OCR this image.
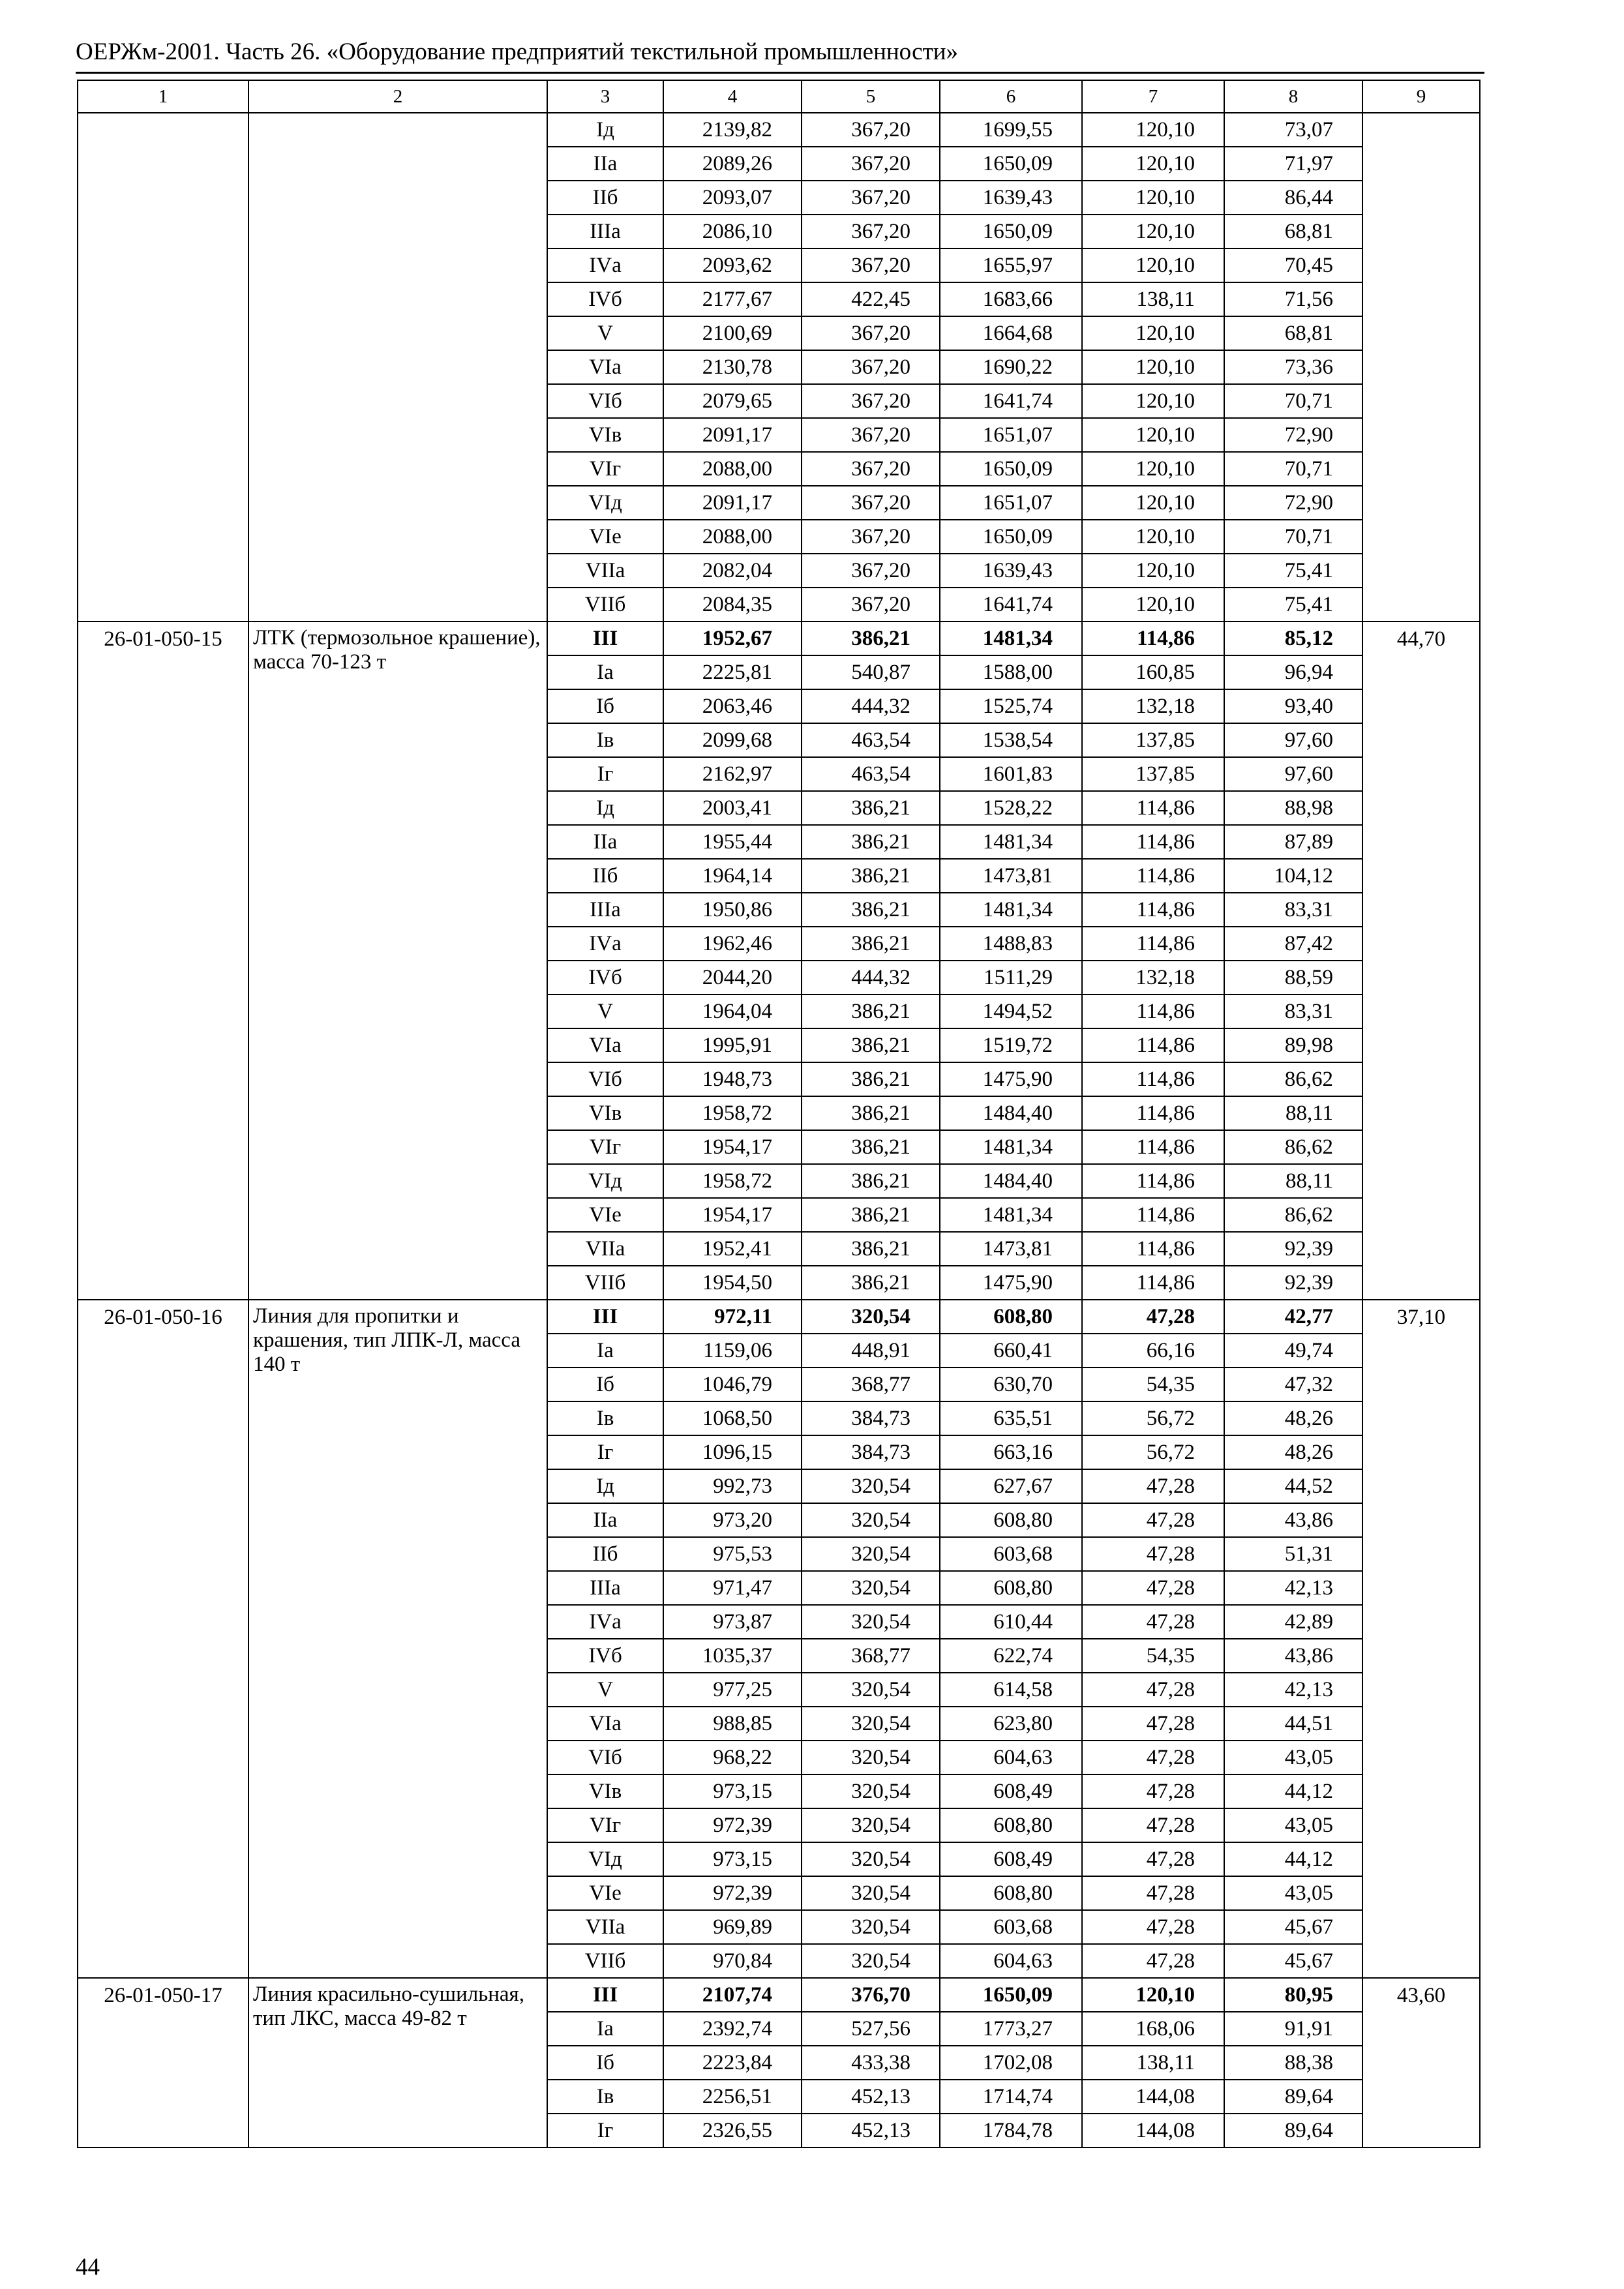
ОЕРЖм-2001. Часть 26. «Оборудование предприятий текстильной промышленности»
1	2	3	4	5	6	7	8	9
		Iд	2139,82	367,20	1699,55	120,10	73,07	
		IIа	2089,26	367,20	1650,09	120,10	71,97	
		IIб	2093,07	367,20	1639,43	120,10	86,44	
		IIIа	2086,10	367,20	1650,09	120,10	68,81	
		IVа	2093,62	367,20	1655,97	120,10	70,45	
		IVб	2177,67	422,45	1683,66	138,11	71,56	
		V	2100,69	367,20	1664,68	120,10	68,81	
		VIа	2130,78	367,20	1690,22	120,10	73,36	
		VIб	2079,65	367,20	1641,74	120,10	70,71	
		VIв	2091,17	367,20	1651,07	120,10	72,90	
		VIг	2088,00	367,20	1650,09	120,10	70,71	
		VIд	2091,17	367,20	1651,07	120,10	72,90	
		VIе	2088,00	367,20	1650,09	120,10	70,71	
		VIIа	2082,04	367,20	1639,43	120,10	75,41	
		VIIб	2084,35	367,20	1641,74	120,10	75,41	
26-01-050-15	ЛТК (термозольное крашение), масса 70-123 т	III	1952,67	386,21	1481,34	114,86	85,12	44,70
		Iа	2225,81	540,87	1588,00	160,85	96,94	
		Iб	2063,46	444,32	1525,74	132,18	93,40	
		Iв	2099,68	463,54	1538,54	137,85	97,60	
		Iг	2162,97	463,54	1601,83	137,85	97,60	
		Iд	2003,41	386,21	1528,22	114,86	88,98	
		IIа	1955,44	386,21	1481,34	114,86	87,89	
		IIб	1964,14	386,21	1473,81	114,86	104,12	
		IIIа	1950,86	386,21	1481,34	114,86	83,31	
		IVа	1962,46	386,21	1488,83	114,86	87,42	
		IVб	2044,20	444,32	1511,29	132,18	88,59	
		V	1964,04	386,21	1494,52	114,86	83,31	
		VIа	1995,91	386,21	1519,72	114,86	89,98	
		VIб	1948,73	386,21	1475,90	114,86	86,62	
		VIв	1958,72	386,21	1484,40	114,86	88,11	
		VIг	1954,17	386,21	1481,34	114,86	86,62	
		VIд	1958,72	386,21	1484,40	114,86	88,11	
		VIе	1954,17	386,21	1481,34	114,86	86,62	
		VIIа	1952,41	386,21	1473,81	114,86	92,39	
		VIIб	1954,50	386,21	1475,90	114,86	92,39	
26-01-050-16	Линия для пропитки и крашения, тип ЛПК-Л, масса 140 т	III	972,11	320,54	608,80	47,28	42,77	37,10
		Iа	1159,06	448,91	660,41	66,16	49,74	
		Iб	1046,79	368,77	630,70	54,35	47,32	
		Iв	1068,50	384,73	635,51	56,72	48,26	
		Iг	1096,15	384,73	663,16	56,72	48,26	
		Iд	992,73	320,54	627,67	47,28	44,52	
		IIа	973,20	320,54	608,80	47,28	43,86	
		IIб	975,53	320,54	603,68	47,28	51,31	
		IIIа	971,47	320,54	608,80	47,28	42,13	
		IVа	973,87	320,54	610,44	47,28	42,89	
		IVб	1035,37	368,77	622,74	54,35	43,86	
		V	977,25	320,54	614,58	47,28	42,13	
		VIа	988,85	320,54	623,80	47,28	44,51	
		VIб	968,22	320,54	604,63	47,28	43,05	
		VIв	973,15	320,54	608,49	47,28	44,12	
		VIг	972,39	320,54	608,80	47,28	43,05	
		VIд	973,15	320,54	608,49	47,28	44,12	
		VIе	972,39	320,54	608,80	47,28	43,05	
		VIIа	969,89	320,54	603,68	47,28	45,67	
		VIIб	970,84	320,54	604,63	47,28	45,67	
26-01-050-17	Линия красильно-сушильная, тип ЛКС, масса 49-82 т	III	2107,74	376,70	1650,09	120,10	80,95	43,60
		Iа	2392,74	527,56	1773,27	168,06	91,91	
		Iб	2223,84	433,38	1702,08	138,11	88,38	
		Iв	2256,51	452,13	1714,74	144,08	89,64	
		Iг	2326,55	452,13	1784,78	144,08	89,64	
44
